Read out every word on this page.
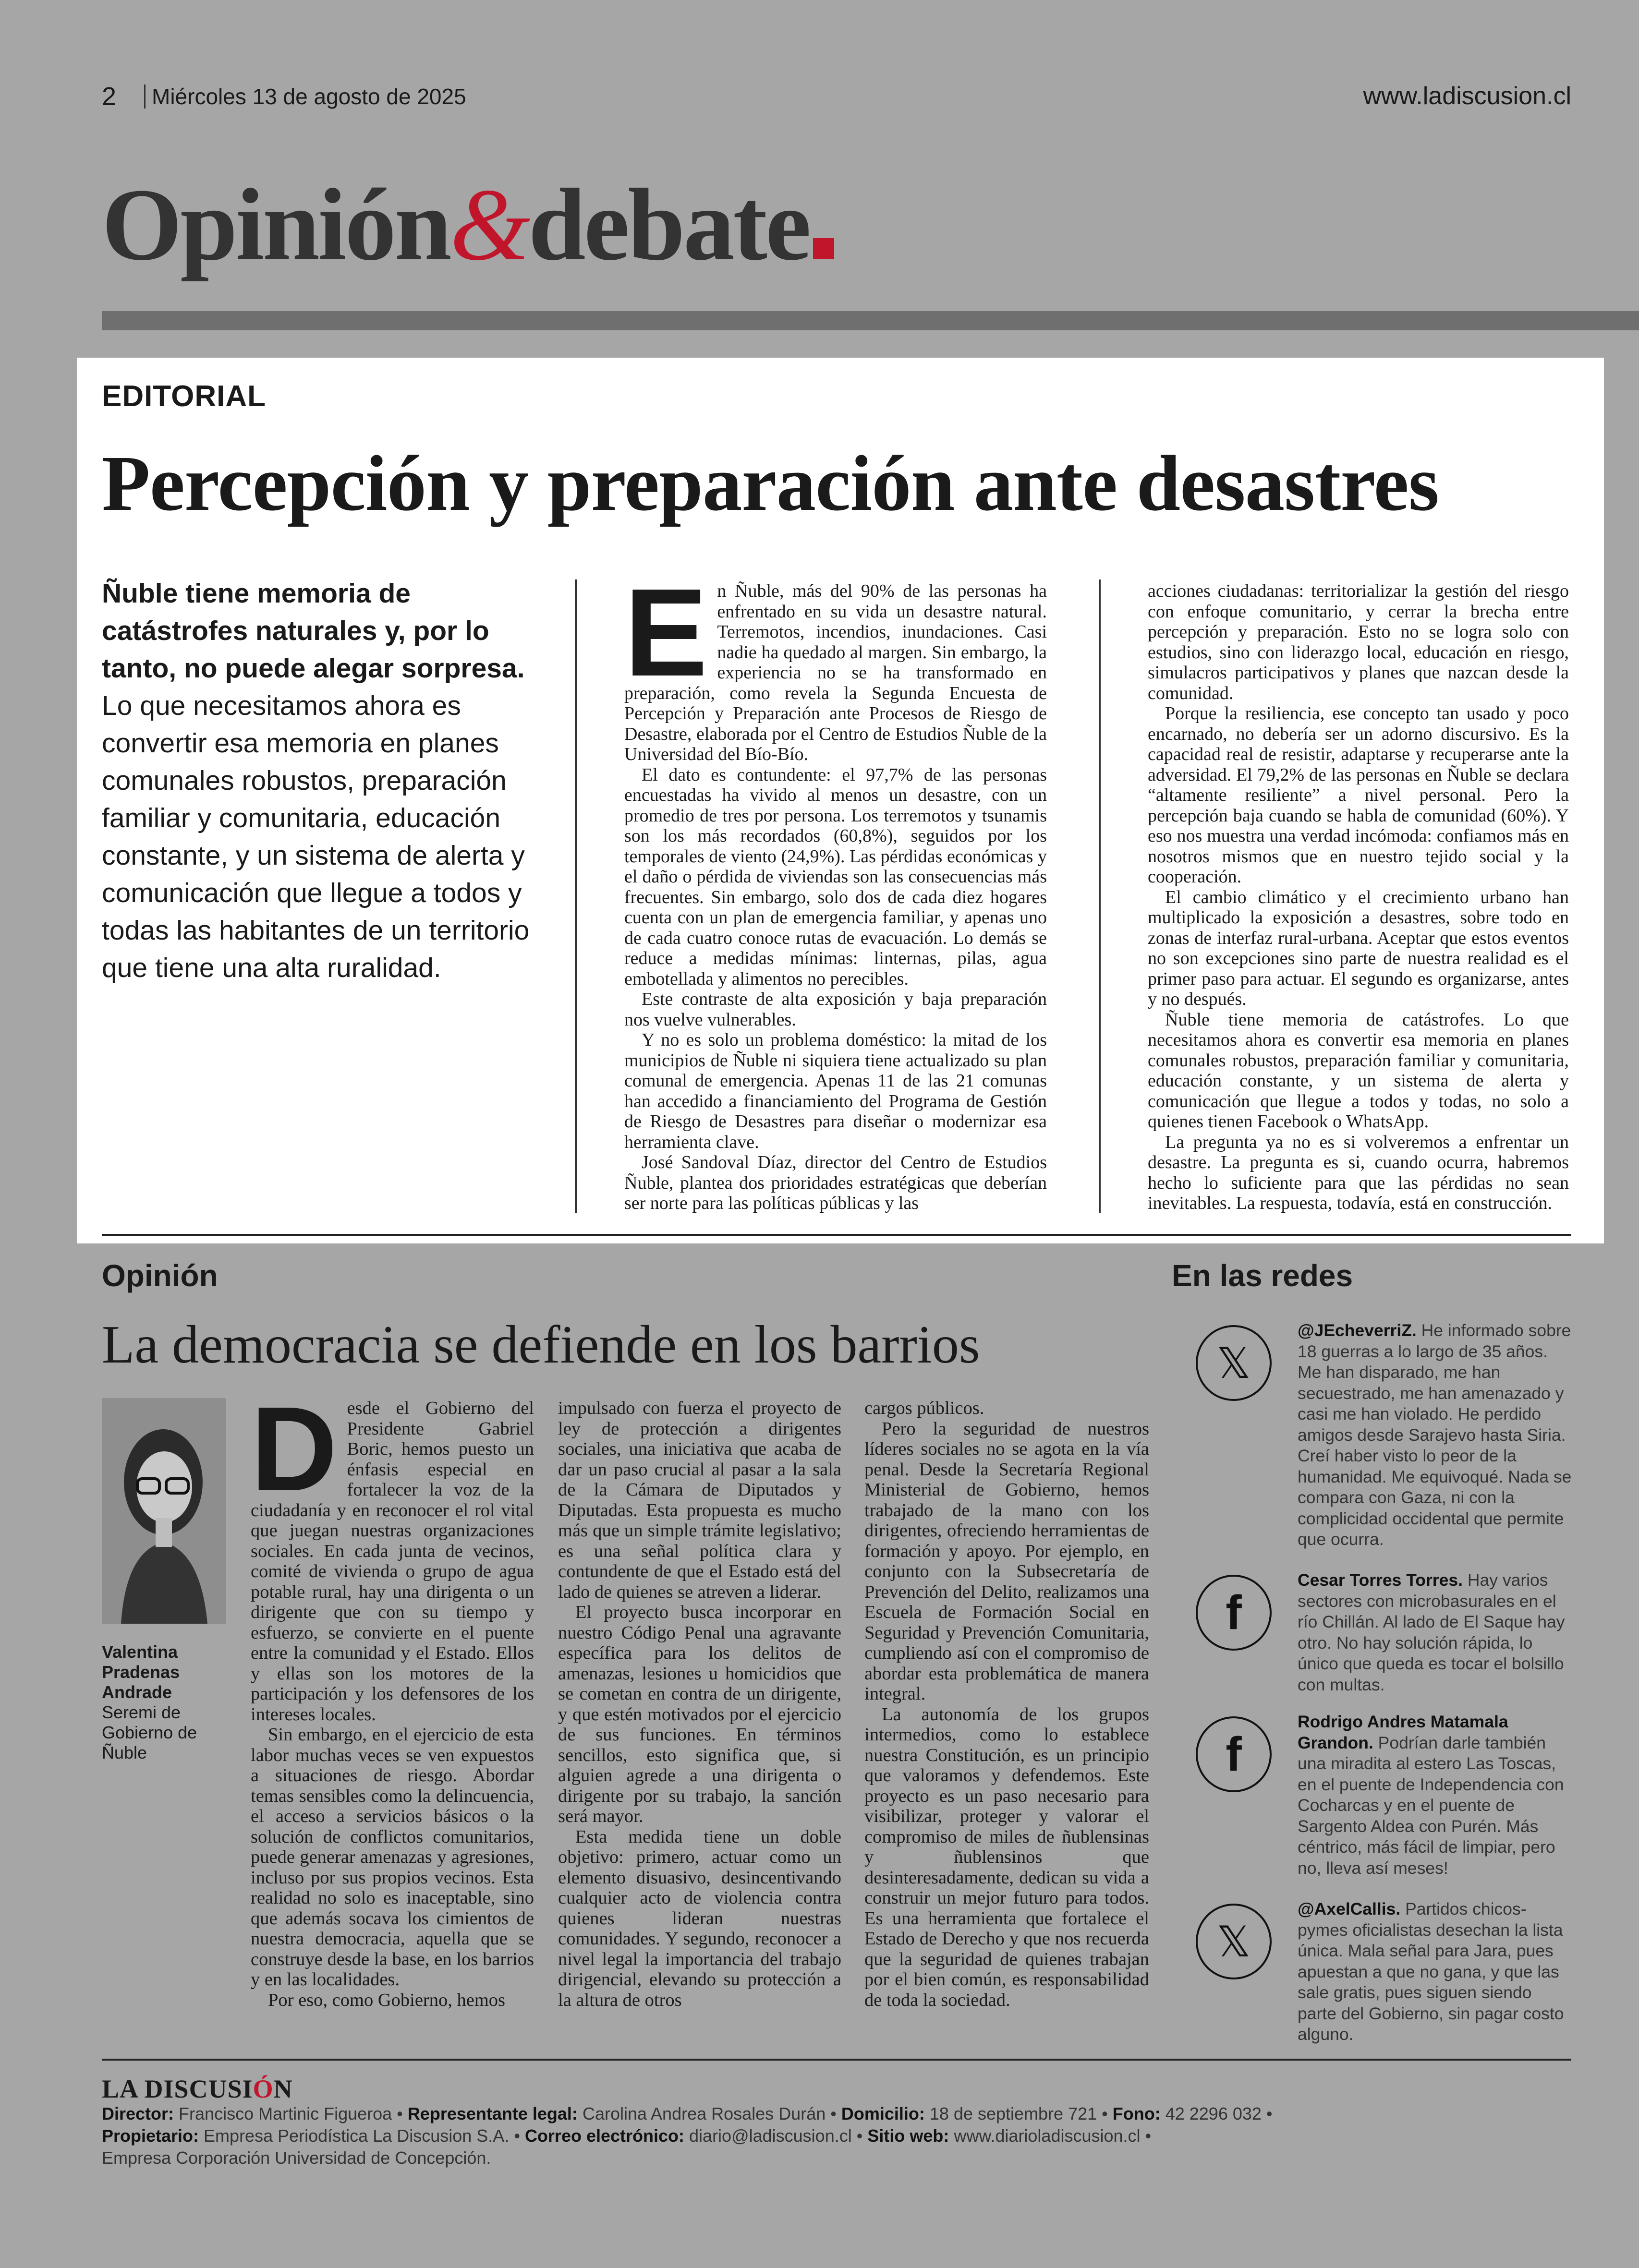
2 Miércoles 13 de agosto de 2025	www.ladiscusion.cl
Opinión&debate
EDITORIAL
Percepción y preparación ante desastres
Ñuble tiene memoria de catástrofes naturales y, por lo tanto, no puede alegar sorpresa.
Lo que necesitamos ahora es convertir esa memoria en planes comunales robustos, preparación familiar y comunitaria, educación constante, y un sistema de alerta y comunicación que llegue a todos y todas las habitantes de un territorio que tiene una alta ruralidad.

En Ñuble, más del 90% de las personas ha enfrentado en su vida un desastre natural. Terremotos, incendios, inundaciones. Casi nadie ha quedado al margen. Sin embargo, la experiencia no se ha transformado en preparación, como revela la Segunda Encuesta de Percepción y Preparación ante Procesos de Riesgo de Desastre, elaborada por el Centro de Estudios Ñuble de la Universidad del Bío-Bío.

El dato es contundente: el 97,7% de las personas encuestadas ha vivido al menos un desastre, con un promedio de tres por persona. Los terremotos y tsunamis son los más recordados (60,8%), seguidos por los temporales de viento (24,9%). Las pérdidas económicas y el daño o pérdida de viviendas son las consecuencias más frecuentes. Sin embargo, solo dos de cada diez hogares cuenta con un plan de emergencia familiar, y apenas uno de cada cuatro conoce rutas de evacuación. Lo demás se reduce a medidas mínimas: linternas, pilas, agua embotellada y alimentos no perecibles.

Este contraste de alta exposición y baja preparación nos vuelve vulnerables.

Y no es solo un problema doméstico: la mitad de los municipios de Ñuble ni siquiera tiene actualizado su plan comunal de emergencia. Apenas 11 de las 21 comunas han accedido a financiamiento del Programa de Gestión de Riesgo de Desastres para diseñar o modernizar esa herramienta clave.

José Sandoval Díaz, director del Centro de Estudios Ñuble, plantea dos prioridades estratégicas que deberían ser norte para las políticas públicas y las

acciones ciudadanas: territorializar la gestión del riesgo con enfoque comunitario, y cerrar la brecha entre percepción y preparación. Esto no se logra solo con estudios, sino con liderazgo local, educación en riesgo, simulacros participativos y planes que nazcan desde la comunidad.

Porque la resiliencia, ese concepto tan usado y poco encarnado, no debería ser un adorno discursivo. Es la capacidad real de resistir, adaptarse y recuperarse ante la adversidad. El 79,2% de las personas en Ñuble se declara “altamente resiliente” a nivel personal. Pero la percepción baja cuando se habla de comunidad (60%). Y eso nos muestra una verdad incómoda: confiamos más en nosotros mismos que en nuestro tejido social y la cooperación.

El cambio climático y el crecimiento urbano han multiplicado la exposición a desastres, sobre todo en zonas de interfaz rural-urbana. Aceptar que estos eventos no son excepciones sino parte de nuestra realidad es el primer paso para actuar. El segundo es organizarse, antes y no después.

Ñuble tiene memoria de catástrofes. Lo que necesitamos ahora es convertir esa memoria en planes comunales robustos, preparación familiar y comunitaria, educación constante, y un sistema de alerta y comunicación que llegue a todos y todas, no solo a quienes tienen Facebook o WhatsApp.

La pregunta ya no es si volveremos a enfrentar un desastre. La pregunta es si, cuando ocurra, habremos hecho lo suficiente para que las pérdidas no sean inevitables. La respuesta, todavía, está en construcción.

Opinión
La democracia se defiende en los barrios
Valentina Pradenas Andrade
Seremi de Gobierno de Ñuble

Desde el Gobierno del Presidente Gabriel Boric, hemos puesto un énfasis especial en fortalecer la voz de la ciudadanía y en reconocer el rol vital que juegan nuestras organizaciones sociales. En cada junta de vecinos, comité de vivienda o grupo de agua potable rural, hay una dirigenta o un dirigente que con su tiempo y esfuerzo, se convierte en el puente entre la comunidad y el Estado. Ellos y ellas son los motores de la participación y los defensores de los intereses locales.

Sin embargo, en el ejercicio de esta labor muchas veces se ven expuestos a situaciones de riesgo. Abordar temas sensibles como la delincuencia, el acceso a servicios básicos o la solución de conflictos comunitarios, puede generar amenazas y agresiones, incluso por sus propios vecinos. Esta realidad no solo es inaceptable, sino que además socava los cimientos de nuestra democracia, aquella que se construye desde la base, en los barrios y en las localidades.

Por eso, como Gobierno, hemos

impulsado con fuerza el proyecto de ley de protección a dirigentes sociales, una iniciativa que acaba de dar un paso crucial al pasar a la sala de la Cámara de Diputados y Diputadas. Esta propuesta es mucho más que un simple trámite legislativo; es una señal política clara y contundente de que el Estado está del lado de quienes se atreven a liderar.

El proyecto busca incorporar en nuestro Código Penal una agravante específica para los delitos de amenazas, lesiones u homicidios que se cometan en contra de un dirigente, y que estén motivados por el ejercicio de sus funciones. En términos sencillos, esto significa que, si alguien agrede a una dirigenta o dirigente por su trabajo, la sanción será mayor.

Esta medida tiene un doble objetivo: primero, actuar como un elemento disuasivo, desincentivando cualquier acto de violencia contra quienes lideran nuestras comunidades. Y segundo, reconocer a nivel legal la importancia del trabajo dirigencial, elevando su protección a la altura de otros

cargos públicos.

Pero la seguridad de nuestros líderes sociales no se agota en la vía penal. Desde la Secretaría Regional Ministerial de Gobierno, hemos trabajado de la mano con los dirigentes, ofreciendo herramientas de formación y apoyo. Por ejemplo, en conjunto con la Subsecretaría de Prevención del Delito, realizamos una Escuela de Formación Social en Seguridad y Prevención Comunitaria, cumpliendo así con el compromiso de abordar esta problemática de manera integral.

La autonomía de los grupos intermedios, como lo establece nuestra Constitución, es un principio que valoramos y defendemos. Este proyecto es un paso necesario para visibilizar, proteger y valorar el compromiso de miles de ñublensinas y ñublensinos que desinteresadamente, dedican su vida a construir un mejor futuro para todos. Es una herramienta que fortalece el Estado de Derecho y que nos recuerda que la seguridad de quienes trabajan por el bien común, es responsabilidad de toda la sociedad.

En las redes
𝕏
@JEcheverriZ. He informado sobre 18 guerras a lo largo de 35 años. Me han disparado, me han secuestrado, me han amenazado y casi me han violado. He perdido amigos desde Sarajevo hasta Siria. Creí haber visto lo peor de la humanidad. Me equivoqué. Nada se compara con Gaza, ni con la complicidad occidental que permite que ocurra.
f
Cesar Torres Torres. Hay varios sectores con microbasurales en el río Chillán. Al lado de El Saque hay otro. No hay solución rápida, lo único que queda es tocar el bolsillo con multas.
f
Rodrigo Andres Matamala Grandon. Podrían darle también una miradita al estero Las Toscas, en el puente de Independencia con Cocharcas y en el puente de Sargento Aldea con Purén. Más céntrico, más fácil de limpiar, pero no, lleva así meses!
𝕏
@AxelCallis. Partidos chicos-pymes oficialistas desechan la lista única. Mala señal para Jara, pues apuestan a que no gana, y que las sale gratis, pues siguen siendo parte del Gobierno, sin pagar costo alguno.
LA DISCUSIÓN
Director: Francisco Martinic Figueroa • Representante legal: Carolina Andrea Rosales Durán • Domicilio: 18 de septiembre 721 • Fono: 42 2296 032 •
Propietario: Empresa Periodística La Discusion S.A. • Correo electrónico: diario@ladiscusion.cl • Sitio web: www.diarioladiscusion.cl •
Empresa Corporación Universidad de Concepción.
